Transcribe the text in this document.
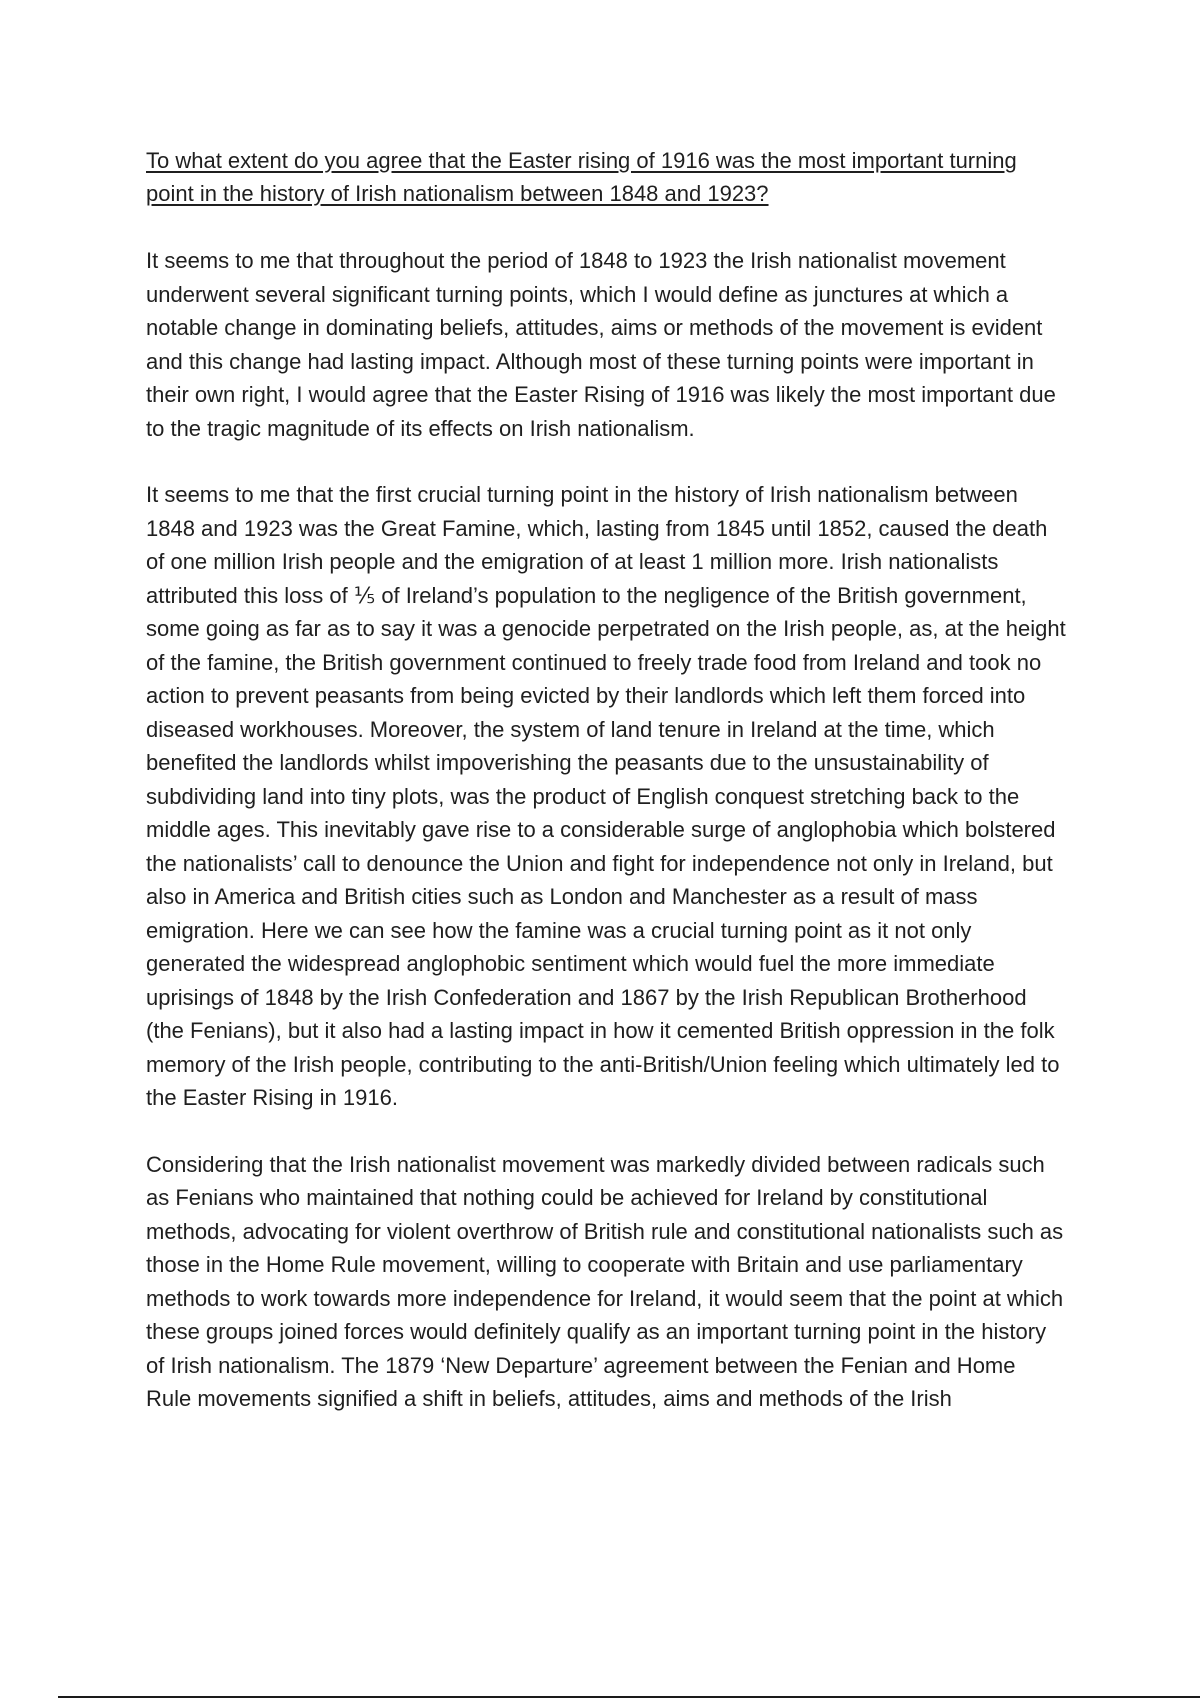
To what extent do you agree that the Easter rising of 1916 was the most important turning point in the history of Irish nationalism between 1848 and 1923?

It seems to me that throughout the period of 1848 to 1923 the Irish nationalist movement underwent several significant turning points, which I would define as junctures at which a notable change in dominating beliefs, attitudes, aims or methods of the movement is evident and this change had lasting impact. Although most of these turning points were important in their own right, I would agree that the Easter Rising of 1916 was likely the most important due to the tragic magnitude of its effects on Irish nationalism.

It seems to me that the first crucial turning point in the history of Irish nationalism between 1848 and 1923 was the Great Famine, which, lasting from 1845 until 1852, caused the death of one million Irish people and the emigration of at least 1 million more. Irish nationalists attributed this loss of ⅕ of Ireland’s population to the negligence of the British government, some going as far as to say it was a genocide perpetrated on the Irish people, as, at the height of the famine, the British government continued to freely trade food from Ireland and took no action to prevent peasants from being evicted by their landlords which left them forced into diseased workhouses. Moreover, the system of land tenure in Ireland at the time, which benefited the landlords whilst impoverishing the peasants due to the unsustainability of subdividing land into tiny plots, was the product of English conquest stretching back to the middle ages. This inevitably gave rise to a considerable surge of anglophobia which bolstered the nationalists’ call to denounce the Union and fight for independence not only in Ireland, but also in America and British cities such as London and Manchester as a result of mass emigration. Here we can see how the famine was a crucial turning point as it not only generated the widespread anglophobic sentiment which would fuel the more immediate uprisings of 1848 by the Irish Confederation and 1867 by the Irish Republican Brotherhood (the Fenians), but it also had a lasting impact in how it cemented British oppression in the folk memory of the Irish people, contributing to the anti-British/Union feeling which ultimately led to the Easter Rising in 1916.

Considering that the Irish nationalist movement was markedly divided between radicals such as Fenians who maintained that nothing could be achieved for Ireland by constitutional methods, advocating for violent overthrow of British rule and constitutional nationalists such as those in the Home Rule movement, willing to cooperate with Britain and use parliamentary methods to work towards more independence for Ireland, it would seem that the point at which these groups joined forces would definitely qualify as an important turning point in the history of Irish nationalism. The 1879 ‘New Departure’ agreement between the Fenian and Home Rule movements signified a shift in beliefs, attitudes, aims and methods of the Irish
